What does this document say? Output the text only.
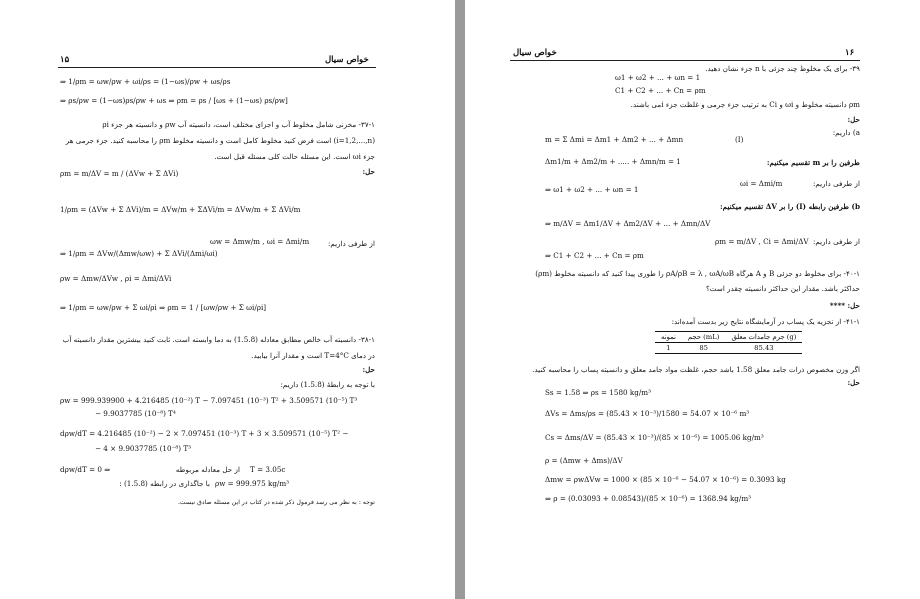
۱۵	خواص سیال
⇒ 1/ρm = ωw/ρw + ωi/ρs = (1−ωs)/ρw + ωs/ρs
⇒ ρs/ρw = (1−ωs)ρs/ρw + ωs ⇒ ρm = ρs / [ωs + (1−ωs) ρs/ρw]
۳۷-۱- مخزنی شامل مخلوط آب و اجزای مختلف است، دانسیته آب ρw و دانسیته هر جزء ρi
(i=1,2,...,n) است فرض کنید مخلوط کامل است و دانسیته مخلوط ρm را محاسبه کنید. جزء جرمی هر
جزء ωi است. این مسئله حالت کلی مسئله قبل است.
حل:
ρm = m/ΔV = m / (ΔVw + Σ ΔVi)
1/ρm = (ΔVw + Σ ΔVi)/m = ΔVw/m + ΣΔVi/m = ΔVw/m + Σ ΔVi/m
ωw = Δmw/m , ωi = Δmi/m	از طرفی داریم:
⇒ 1/ρm = ΔVw/(Δmw/ωw) + Σ ΔVi/(Δmi/ωi)
ρw = Δmw/ΔVw , ρi = Δmi/ΔVi
⇒ 1/ρm = ωw/ρw + Σ ωi/ρi ⇒ ρm = 1 / [ωw/ρw + Σ ωi/ρi]
۳۸-۱- دانسیته آب خالص مطابق معادله (1.5.8) به دما وابسته است. ثابت کنید بیشترین مقدار دانسیته آب
در دمای T=4°C است و مقدار آنرا بیابید.
حل:
با توجه به رابطۀ (1.5.8) داریم:
ρw = 999.939900 + 4.216485 (10⁻²) T − 7.097451 (10⁻³) T² + 3.509571 (10⁻⁵) T³
− 9.9037785 (10⁻⁸) T⁴
dρw/dT = 4.216485 (10⁻²) − 2 × 7.097451 (10⁻³) T + 3 × 3.509571 (10⁻⁵) T² −
− 4 × 9.9037785 (10⁻⁸) T³
dρw/dT = 0 ⇒	از حل معادله مربوطه T = 3.05c
با جاگذاری در رابطه (1.5.8) : ρw = 999.975 kg/m³
توجه : به نظر می رسد فرمول ذکر شده در کتاب در این مسئله صادق نیست.
خواص سیال	۱۶
۳۹- برای یک مخلوط چند جزئی با n جزء نشان دهید.
ω1 + ω2 + ... + ωn = 1
C1 + C2 + ... + Cn = ρm
ρm دانسیته مخلوط و ωi و Ci به ترتیب جزء جرمی و غلظت جزء iمی باشند.
حل:
a) داریم:
m = Σ Δmi = Δm1 + Δm2 + ... + Δmn	(I)
طرفین را بر m تقسیم میکنیم:
Δm1/m + Δm2/m + ..... + Δmn/m = 1
از طرفی داریم:
ωi = Δmi/m
⇒ ω1 + ω2 + ... + ωn = 1
b) طرفین رابطه (I) را بر ΔV تقسیم میکنیم:
⇒ m/ΔV = Δm1/ΔV + Δm2/ΔV + ... + Δmn/ΔV
از طرفی داریم:
ρm = m/ΔV , Ci = Δmi/ΔV
⇒ C1 + C2 + ... + Cn = ρm
۴۰-۱- برای مخلوط دو جزئی B و A هرگاه ρA/ρB = λ , ωA/ωB را طوری پیدا کنید که دانسیته مخلوط (ρm)
حداکثر باشد. مقدار این حداکثر دانسیته چقدر است؟
حل: ****
۴۱-۱- از تجزیه یک پساب در آزمایشگاه نتایج زیر بدست آمده‌اند:
نمونه	حجم (mL)	جرم جامدات معلق (g)
1	85	85.43
اگر وزن مخصوص ذرات جامد معلق 1.58 باشد حجم، غلظت مواد جامد معلق و دانسیته پساب را محاسبه کنید.
حل:
Ss = 1.58 ⇒ ρs = 1580 kg/m³
ΔVs = Δms/ρs = (85.43 × 10⁻³)/1580 = 54.07 × 10⁻⁶ m³
Cs = Δms/ΔV = (85.43 × 10⁻³)/(85 × 10⁻⁶) = 1005.06 kg/m³
ρ = (Δmw + Δms)/ΔV
Δmw = ρwΔVw = 1000 × (85 × 10⁻⁶ − 54.07 × 10⁻⁶) = 0.3093 kg
⇒ ρ = (0.03093 + 0.08543)/(85 × 10⁻⁶) = 1368.94 kg/m³
